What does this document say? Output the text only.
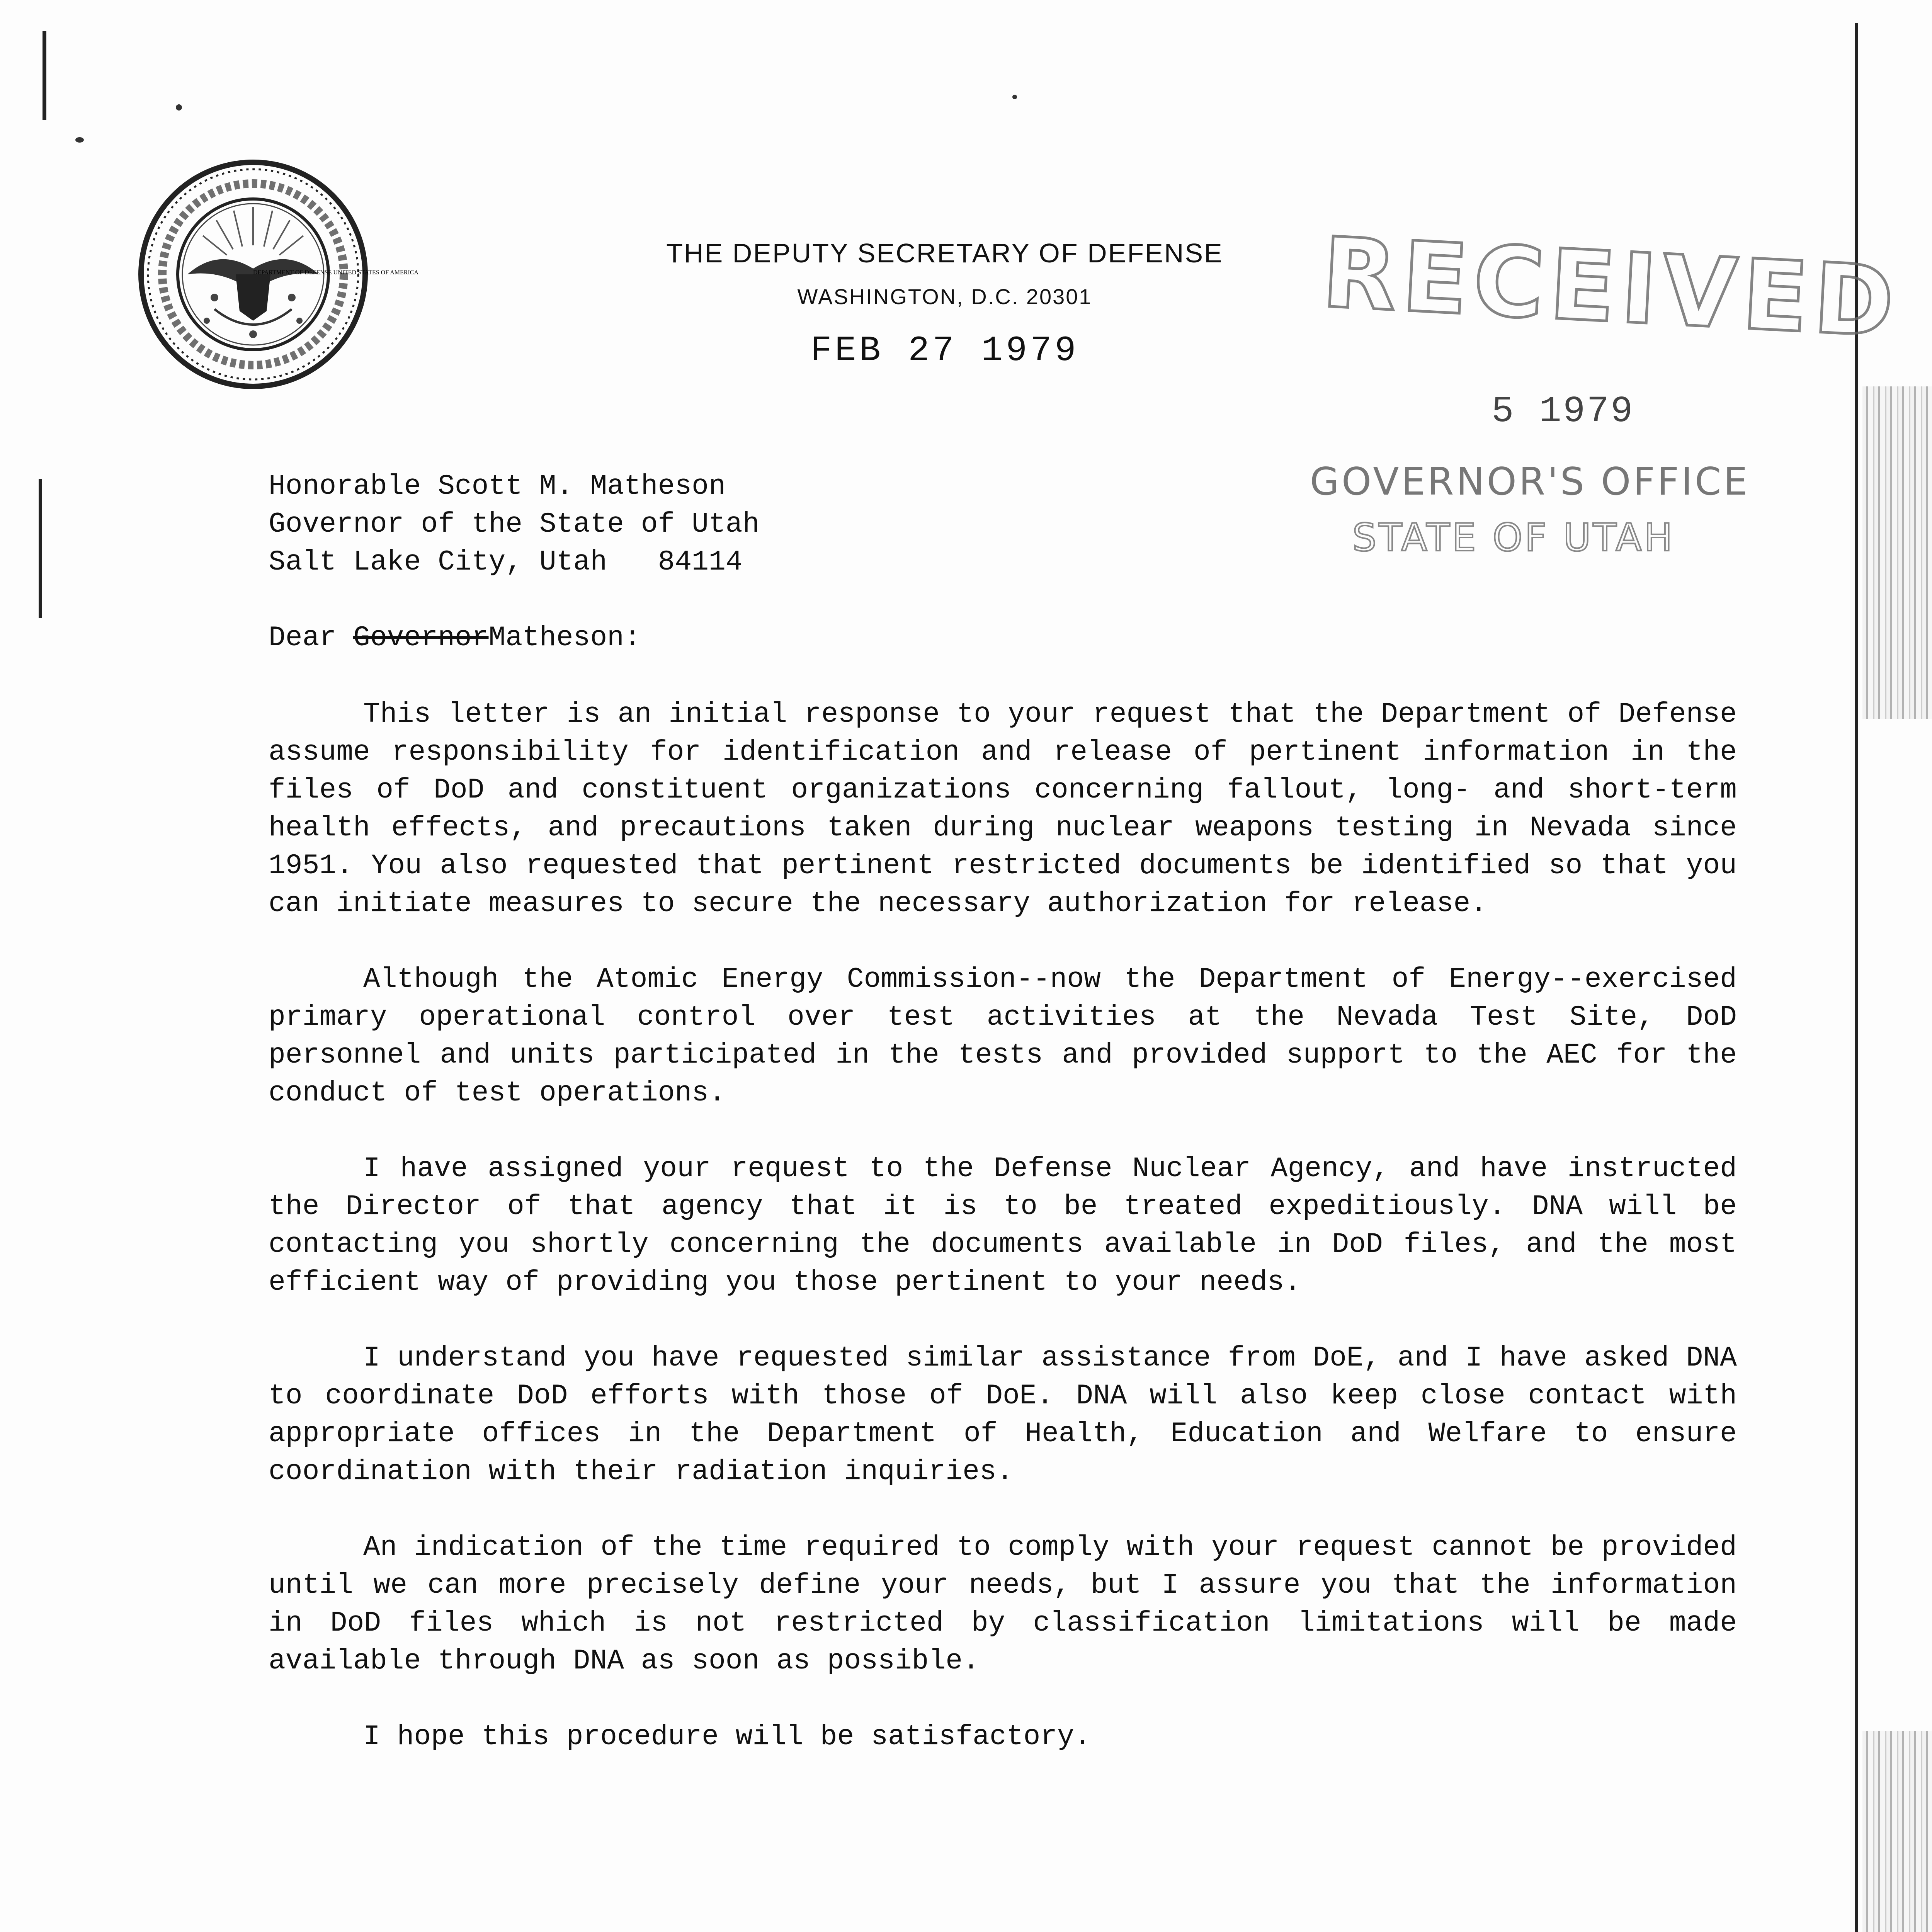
DEPARTMENT OF DEFENSE UNITED STATES OF AMERICA
THE DEPUTY SECRETARY OF DEFENSE
WASHINGTON, D.C. 20301
FEB 27 1979	RECEIVED
5 1979
GOVERNOR'S OFFICE
STATE OF UTAH

Honorable Scott M. Matheson

Governor of the State of Utah

Salt Lake City, Utah   84114

Dear GovernorMatheson:

This letter is an initial response to your request that the Department of Defense assume responsibility for identification and release of pertinent information in the files of DoD and constituent organizations concerning fallout, long- and short-term health effects, and precautions taken during nuclear weapons testing in Nevada since 1951. You also requested that pertinent restricted documents be identified so that you can initiate measures to secure the necessary authorization for release.

Although the Atomic Energy Commission--now the Department of Energy--exercised primary operational control over test activities at the Nevada Test Site, DoD personnel and units participated in the tests and provided support to the AEC for the conduct of test operations.

I have assigned your request to the Defense Nuclear Agency, and have instructed the Director of that agency that it is to be treated expeditiously. DNA will be contacting you shortly concerning the documents available in DoD files, and the most efficient way of providing you those pertinent to your needs.

I understand you have requested similar assistance from DoE, and I have asked DNA to coordinate DoD efforts with those of DoE. DNA will also keep close contact with appropriate offices in the Department of Health, Education and Welfare to ensure coordination with their radiation inquiries.

An indication of the time required to comply with your request cannot be provided until we can more precisely define your needs, but I assure you that the information in DoD files which is not restricted by classification limitations will be made available through DNA as soon as possible.

I hope this procedure will be satisfactory.
